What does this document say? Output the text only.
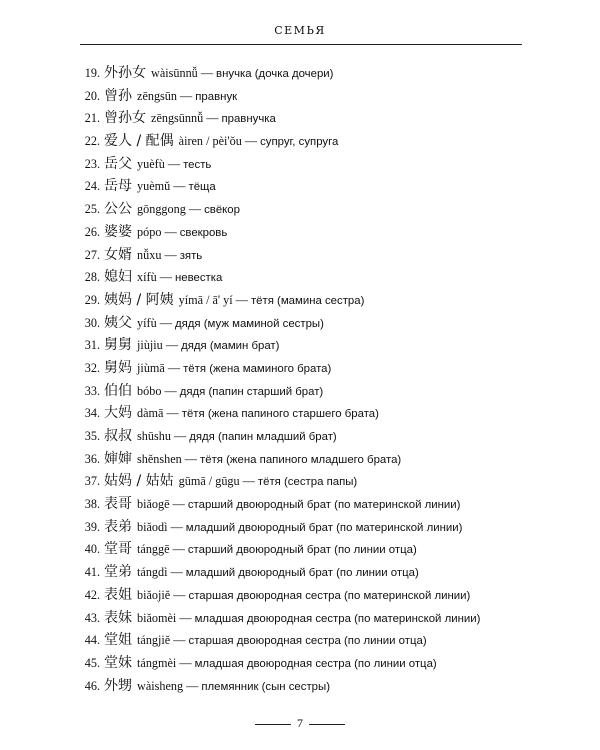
СЕМЬЯ
19. 外孙女 wàisūnnǚ — внучка (дочка дочери)
20. 曾孙 zēngsūn — правнук
21. 曾孙女 zēngsūnnǚ — правнучка
22. 爱人 / 配偶 àiren / pèi'ǒu — супруг, супруга
23. 岳父 yuèfù — тесть
24. 岳母 yuèmǔ — тёща
25. 公公 gōnggong — свёкор
26. 婆婆 pópo — свекровь
27. 女婿 nǚxu — зять
28. 媳妇 xífù — невестка
29. 姨妈 / 阿姨 yímā / ā' yí — тётя (мамина сестра)
30. 姨父 yífù — дядя (муж маминой сестры)
31. 舅舅 jiùjiu — дядя (мамин брат)
32. 舅妈 jiùmā — тётя (жена маминого брата)
33. 伯伯 bóbo — дядя (папин старший брат)
34. 大妈 dàmā — тётя (жена папиного старшего брата)
35. 叔叔 shūshu — дядя (папин младший брат)
36. 婶婶 shěnshen — тётя (жена папиного младшего брата)
37. 姑妈 / 姑姑 gūmā / gūgu — тётя (сестра папы)
38. 表哥 biǎogē — старший двоюродный брат (по материнской линии)
39. 表弟 biǎodì — младший двоюродный брат (по материнской линии)
40. 堂哥 tánggē — старший двоюродный брат (по линии отца)
41. 堂弟 tángdì — младший двоюродный брат (по линии отца)
42. 表姐 biǎojiě — старшая двоюродная сестра (по материнской линии)
43. 表妹 biǎomèi — младшая двоюродная сестра (по материнской линии)
44. 堂姐 tángjiě — старшая двоюродная сестра (по линии отца)
45. 堂妹 tángmèi — младшая двоюродная сестра (по линии отца)
46. 外甥 wàisheng — племянник (сын сестры)
7
